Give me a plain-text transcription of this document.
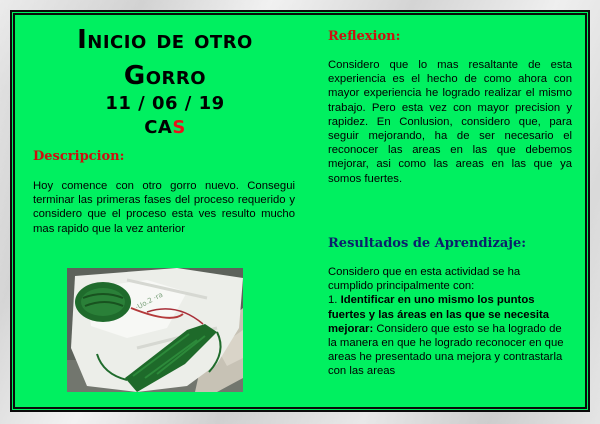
Inicio de otro
Gorro
11 / 06 / 19
CAS
Descripcion:
Hoy comence con otro gorro nuevo. Consegui terminar las primeras fases del proceso requerido y considero que el proceso esta ves resulto mucho mas rapido que la vez anterior
·Uo.2 ·ra
Reflexion:
Considero que lo mas resaltante de esta experiencia es el hecho de como ahora con mayor experiencia he logrado realizar el mismo trabajo. Pero esta vez con mayor precision y rapidez. En Conlusion, considero que, para seguir mejorando, ha de ser necesario el reconocer las areas en las que debemos mejorar, asi como las areas en las que ya somos fuertes.
Resultados de Aprendizaje:
Considero que en esta actividad se ha cumplido principalmente con:
1. Identificar en uno mismo los puntos fuertes y las áreas en las que se necesita mejorar: Considero que esto se ha logrado de la manera en que he logrado reconocer en que areas he presentado una mejora y contrastarla con las areas
